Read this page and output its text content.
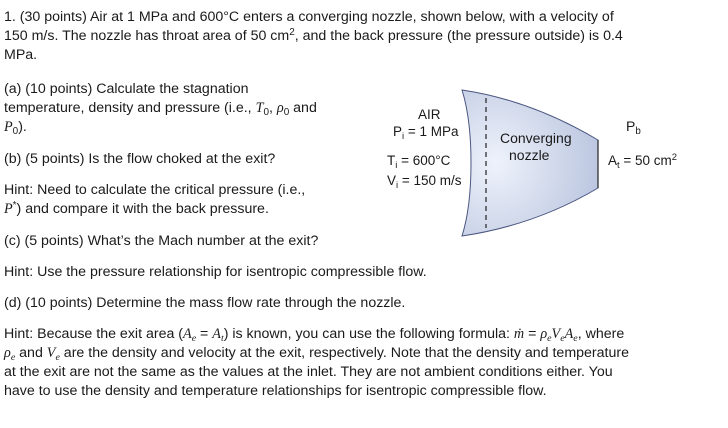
1. (30 points) Air at 1 MPa and 600°C enters a converging nozzle, shown below, with a velocity of
150 m/s. The nozzle has throat area of 50 $cm^2$, and the back pressure (the pressure outside) is 0.4
MPa.
(a) (10 points) Calculate the stagnation
temperature, density and pressure (i.e., $T_0$, $\rho_0$ and
$P_0$).
(b) (5 points) Is the flow choked at the exit?
Hint: Need to calculate the critical pressure (i.e.,
P*) and compare it with the back pressure.
(c) (5 points) What’s the Mach number at the exit?
Hint: Use the pressure relationship for isentropic compressible flow.
(d) (10 points) Determine the mass flow rate through the nozzle.
Hint: Because the exit area $(A_e = A_t)$ is known, you can use the following formula: ṁ = $\rho_eV_eA_e$, where
$\rho_e$ and $V_e$ are the density and velocity at the exit, respectively. Note that the density and temperature
at the exit are not the same as the values at the inlet. They are not ambient conditions either. You
have to use the density and temperature relationships for isentropic compressible flow.
AIR
$P_i = 1$ MPa
$T_i = 600^\circ C$
$V_i = 150$ m/s
Converging
nozzle
$P_b$
$A_t = 50$ $cm^2$
